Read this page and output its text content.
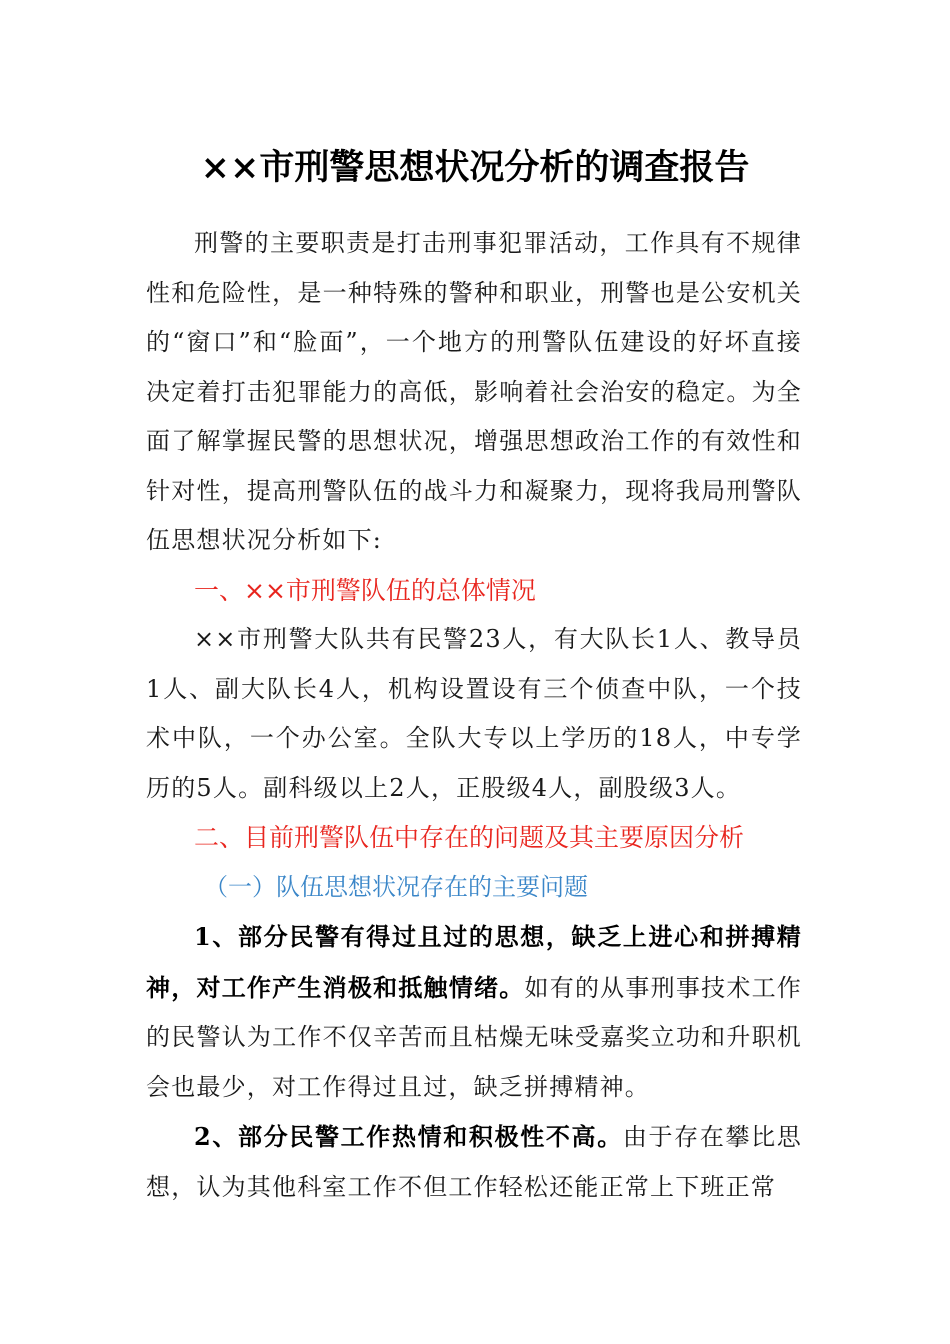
××市刑警思想状况分析的调查报告

刑警的主要职责是打击刑事犯罪活动，工作具有不规律性和危险性，是一种特殊的警种和职业，刑警也是公安机关的“窗口”和“脸面”，一个地方的刑警队伍建设的好坏直接决定着打击犯罪能力的高低，影响着社会治安的稳定。为全面了解掌握民警的思想状况，增强思想政治工作的有效性和针对性，提高刑警队伍的战斗力和凝聚力，现将我局刑警队伍思想状况分析如下:

一、××市刑警队伍的总体情况

××市刑警大队共有民警23人，有大队长1人、教导员1人、副大队长4人，机构设置设有三个侦查中队，一个技术中队，一个办公室。全队大专以上学历的18人，中专学历的5人。副科级以上2人，正股级4人，副股级3人。

二、目前刑警队伍中存在的问题及其主要原因分析

（一）队伍思想状况存在的主要问题

1、部分民警有得过且过的思想，缺乏上进心和拼搏精神，对工作产生消极和抵触情绪。如有的从事刑事技术工作的民警认为工作不仅辛苦而且枯燥无味受嘉奖立功和升职机会也最少，对工作得过且过，缺乏拼搏精神。

2、部分民警工作热情和积极性不高。由于存在攀比思想，认为其他科室工作不但工作轻松还能正常上下班正常
